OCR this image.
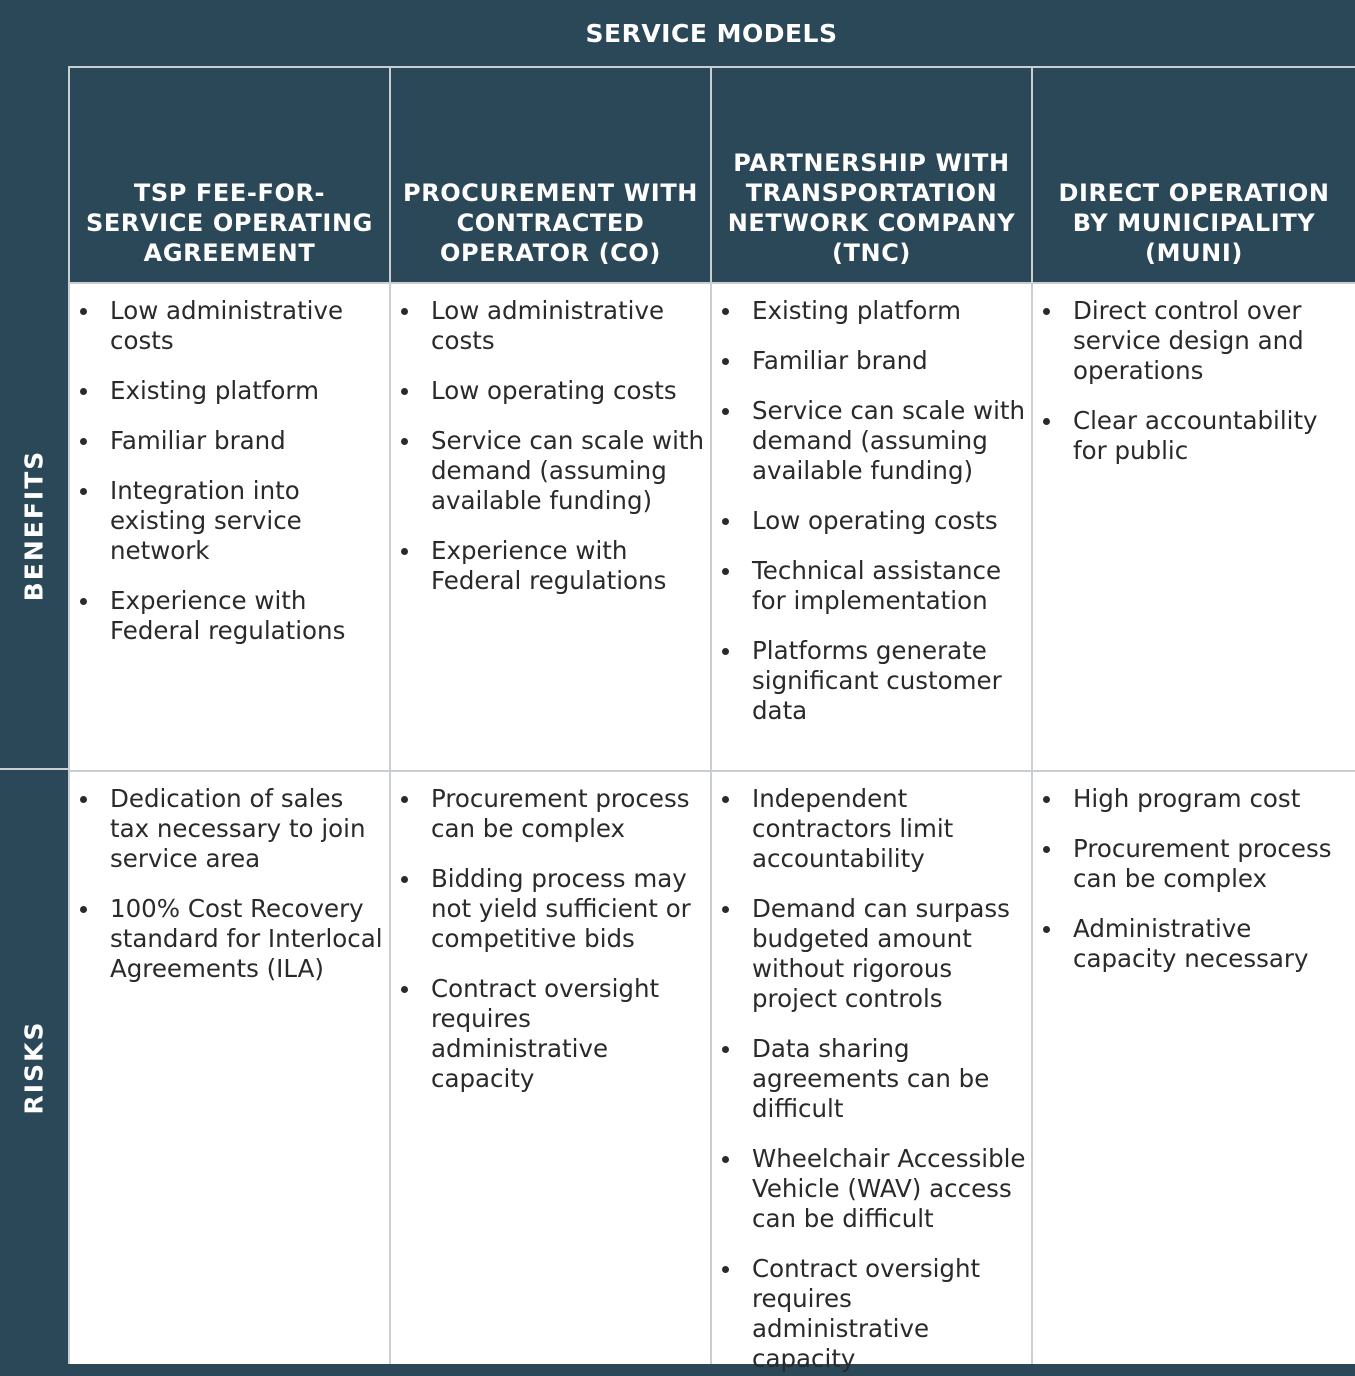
SERVICE MODELS
BENEFITS
RISKS
TSP FEE-FOR-SERVICE OPERATING AGREEMENT
PROCUREMENT WITH CONTRACTED OPERATOR (CO)
PARTNERSHIP WITH TRANSPORTATION NETWORK COMPANY (TNC)
DIRECT OPERATION BY MUNICIPALITY (MUNI)
Low administrative costs
Existing platform
Familiar brand
Integration into existing service network
Experience with Federal regulations
Low administrative costs
Low operating costs
Service can scale with demand (assuming available funding)
Experience with Federal regulations
Existing platform
Familiar brand
Service can scale with demand (assuming available funding)
Low operating costs
Technical assistance for implementation
Platforms generate significant customer data
Direct control over service design and operations
Clear accountability for public
Dedication of sales tax necessary to join service area
100% Cost Recovery standard for Interlocal Agreements (ILA)
Procurement process can be complex
Bidding process may not yield sufficient or competitive bids
Contract oversight requires administrative capacity
Independent contractors limit accountability
Demand can surpass budgeted amount without rigorous project controls
Data sharing agreements can be difficult
Wheelchair Accessible Vehicle (WAV) access can be difficult
Contract oversight requires administrative capacity
High program cost
Procurement process can be complex
Administrative capacity necessary
